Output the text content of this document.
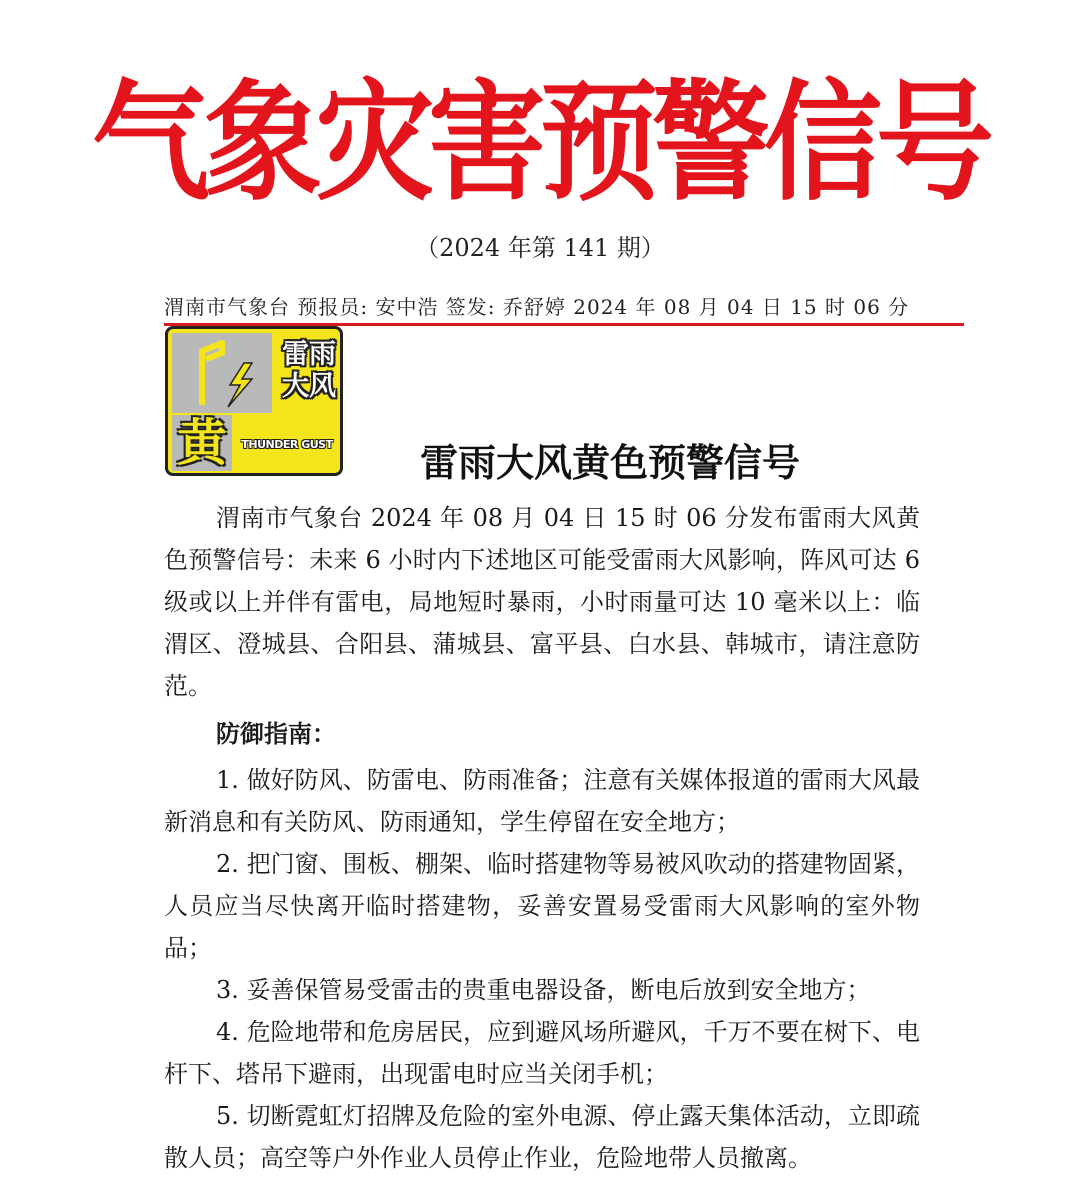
气象灾害预警信号
（2024 年第 141 期）
渭南市气象台 预报员: 安中浩 签发: 乔舒婷 2024 年 08 月 04 日 15 时 06 分
雷雨
大风
黄	THUNDER GUST	雷雨大风黄色预警信号

渭南市气象台 2024 年 08 月 04 日 15 时 06 分发布雷雨大风黄色预警信号：未来 6 小时内下述地区可能受雷雨大风影响，阵风可达 6 级或以上并伴有雷电，局地短时暴雨，小时雨量可达 10 毫米以上：临渭区、澄城县、合阳县、蒲城县、富平县、白水县、韩城市，请注意防范。

防御指南：

1. 做好防风、防雷电、防雨准备；注意有关媒体报道的雷雨大风最新消息和有关防风、防雨通知，学生停留在安全地方；

2. 把门窗、围板、棚架、临时搭建物等易被风吹动的搭建物固紧，人员应当尽快离开临时搭建物，妥善安置易受雷雨大风影响的室外物品；

3. 妥善保管易受雷击的贵重电器设备，断电后放到安全地方；

4. 危险地带和危房居民，应到避风场所避风，千万不要在树下、电杆下、塔吊下避雨，出现雷电时应当关闭手机；

5. 切断霓虹灯招牌及危险的室外电源、停止露天集体活动，立即疏散人员；高空等户外作业人员停止作业，危险地带人员撤离。
